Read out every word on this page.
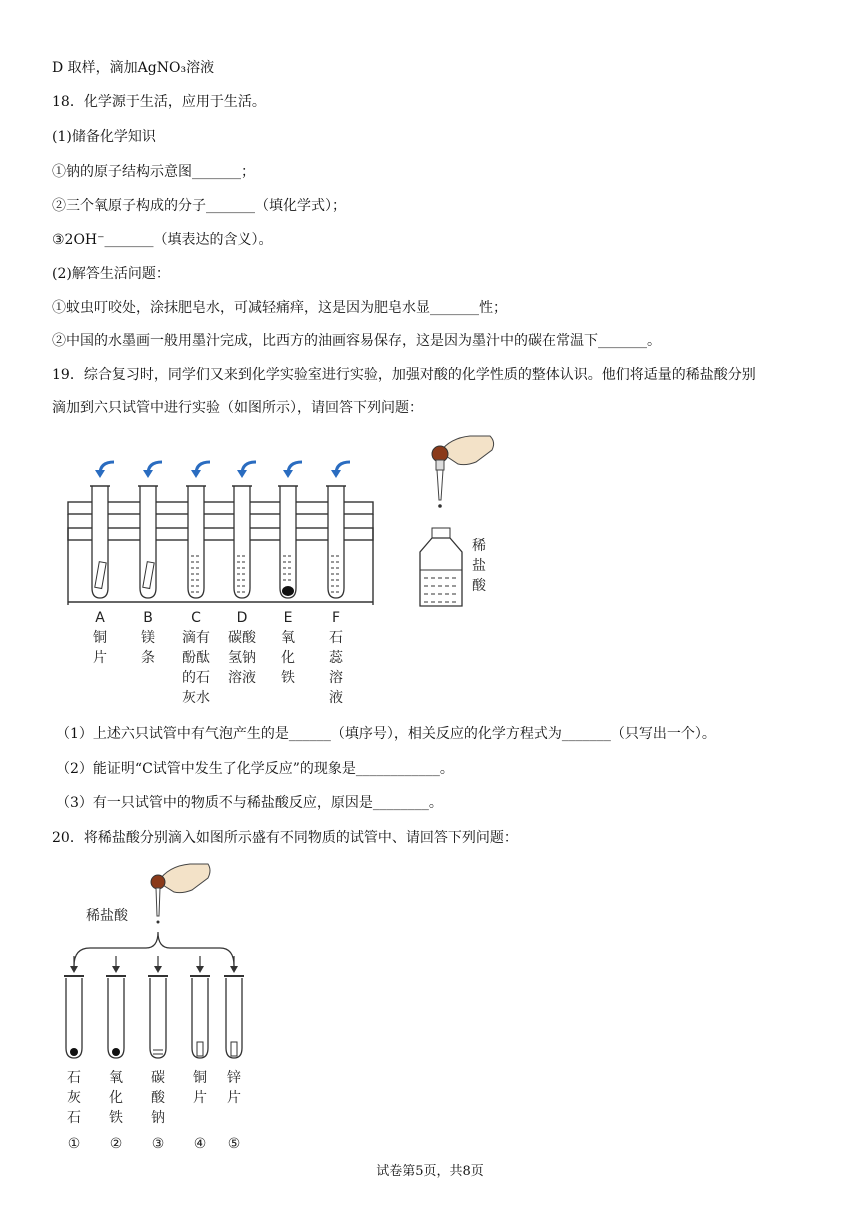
D 取样，滴加AgNO₃溶液
18．化学源于生活，应用于生活。
(1)储备化学知识
①钠的原子结构示意图_______；
②三个氧原子构成的分子_______（填化学式）；
③2OH⁻_______（填表达的含义）。
(2)解答生活问题：
①蚊虫叮咬处，涂抹肥皂水，可减轻痛痒，这是因为肥皂水显_______性；
②中国的水墨画一般用墨汁完成，比西方的油画容易保存，这是因为墨汁中的碳在常温下_______。
19．综合复习时，同学们又来到化学实验室进行实验，加强对酸的化学性质的整体认识。他们将适量的稀盐酸分别
滴加到六只试管中进行实验（如图所示），请回答下列问题：
A
铜
片
B
镁
条
C
滴有
酚酞
的石
灰水
D
碳酸
氢钠
溶液
E
氧
化
铁
F
石
蕊
溶
液
稀
盐
酸
（1）上述六只试管中有气泡产生的是______（填序号），相关反应的化学方程式为_______（只写出一个）。
（2）能证明“C试管中发生了化学反应”的现象是____________。
（3）有一只试管中的物质不与稀盐酸反应，原因是________。
20．将稀盐酸分别滴入如图所示盛有不同物质的试管中、请回答下列问题：
稀盐酸
石
灰
石
①
氧
化
铁
②
碳
酸
钠
③
铜
片
④
锌
片
⑤
试卷第5页，共8页
